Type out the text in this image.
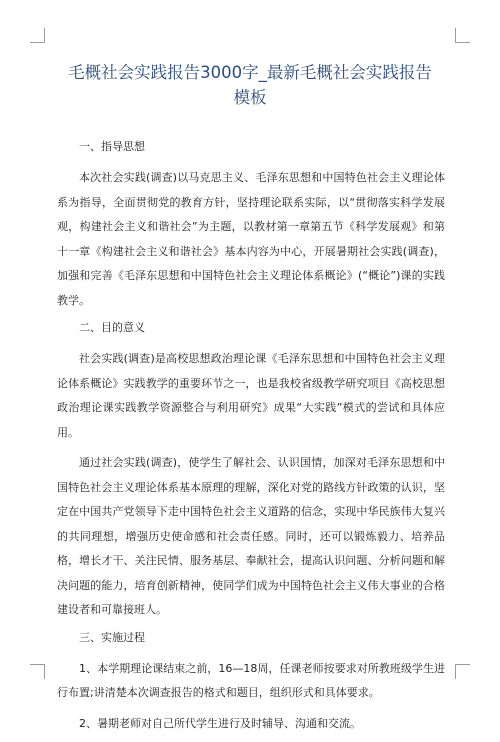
毛概社会实践报告3000字_最新毛概社会实践报告 模板
一、指导思想

本次社会实践(调查)以马克思主义、毛泽东思想和中国特色社会主义理论体系为指导，全面贯彻党的教育方针，坚持理论联系实际，以“贯彻落实科学发展观，构建社会主义和谐社会”为主题，以教材第一章第五节《科学发展观》和第十一章《构建社会主义和谐社会》基本内容为中心，开展暑期社会实践(调查)，加强和完善《毛泽东思想和中国特色社会主义理论体系概论》(“概论”)课的实践教学。

二、目的意义

社会实践(调查)是高校思想政治理论课《毛泽东思想和中国特色社会主义理论体系概论》实践教学的重要环节之一，也是我校省级教学研究项目《高校思想政治理论课实践教学资源整合与利用研究》成果“大实践”模式的尝试和具体应用。

通过社会实践(调查)，使学生了解社会、认识国情，加深对毛泽东思想和中国特色社会主义理论体系基本原理的理解，深化对党的路线方针政策的认识，坚定在中国共产党领导下走中国特色社会主义道路的信念，实现中华民族伟大复兴的共同理想，增强历史使命感和社会责任感。同时，还可以锻炼毅力、培养品格，增长才干、关注民情、服务基层、奉献社会，提高认识问题、分析问题和解决问题的能力，培育创新精神，使同学们成为中国特色社会主义伟大事业的合格建设者和可靠接班人。

三、实施过程

1、本学期理论课结束之前，16—18周，任课老师按要求对所教班级学生进行布置;讲清楚本次调查报告的格式和题目，组织形式和具体要求。

2、暑期老师对自己所代学生进行及时辅导、沟通和交流。
